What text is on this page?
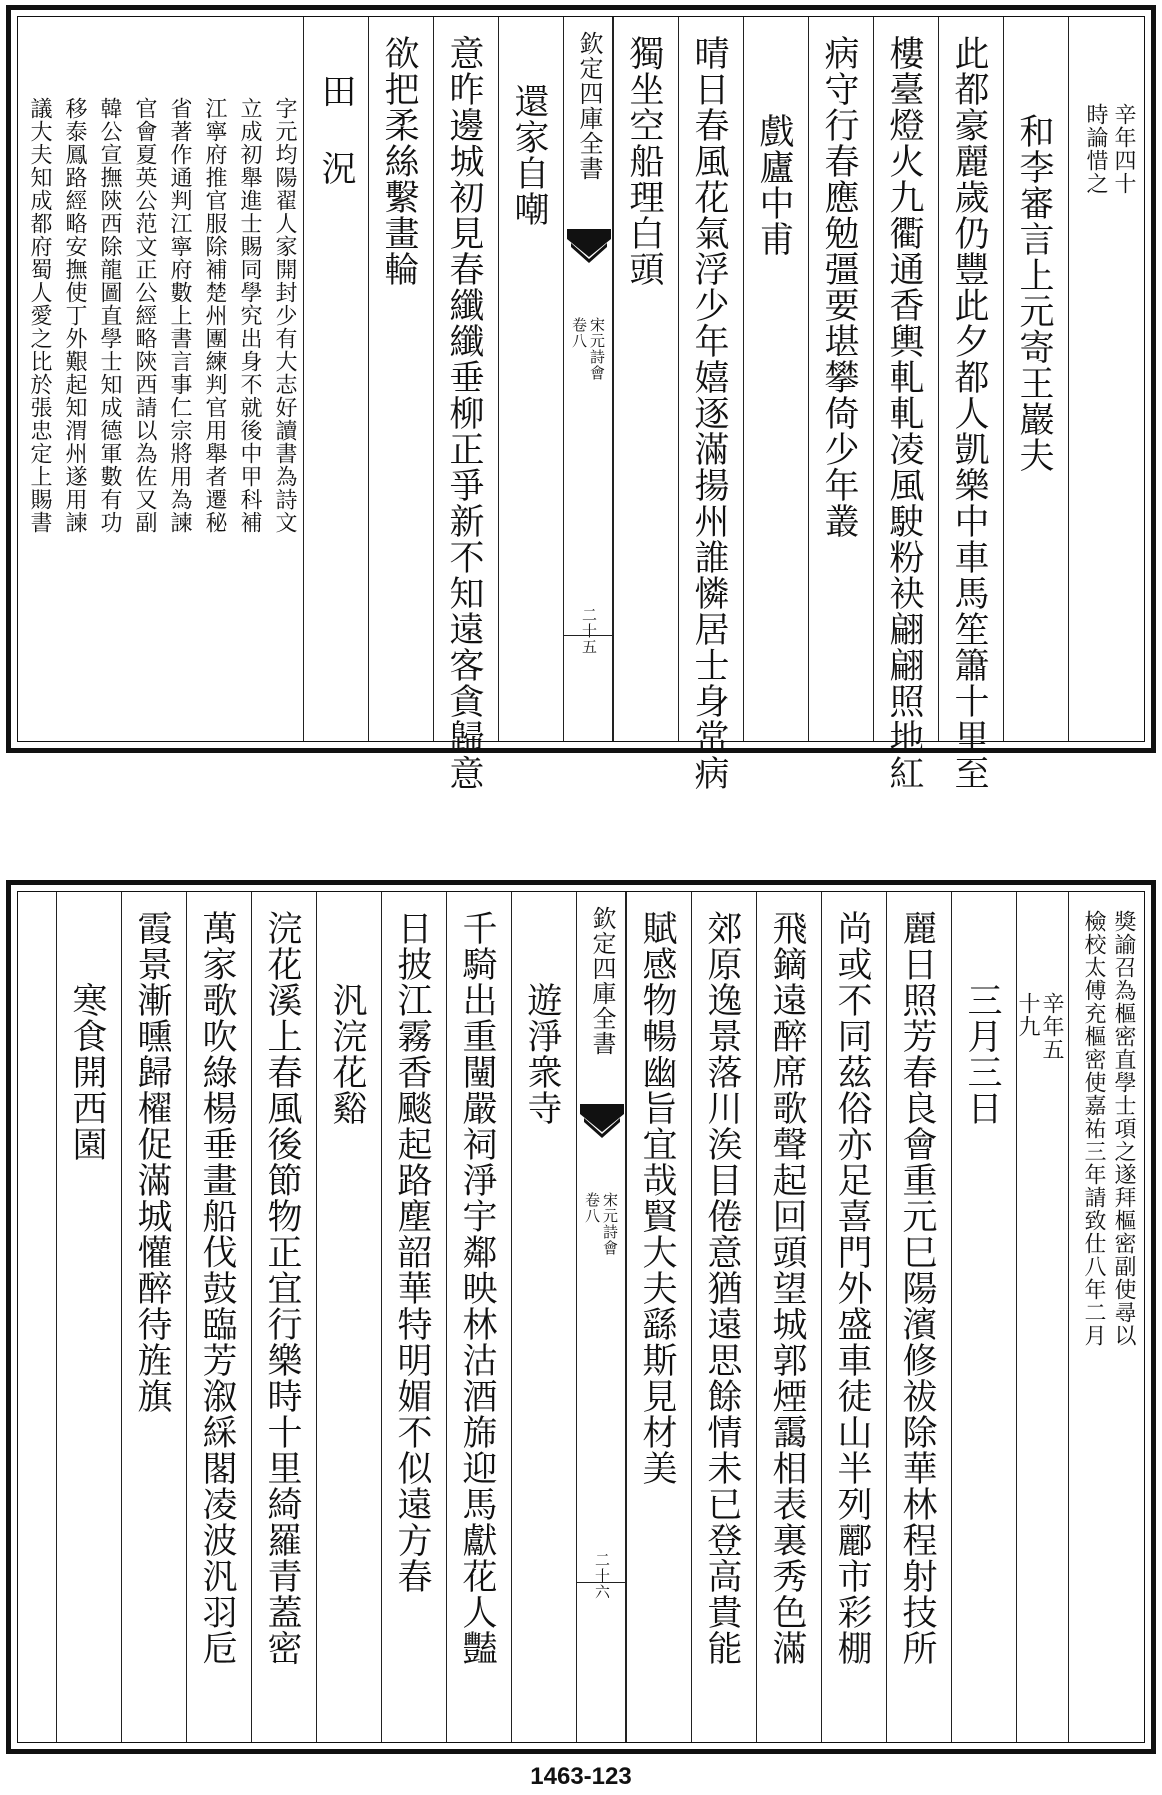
辛年四十
時論惜之
和李審言上元寄王巖夫
此都豪麗歲仍豐此夕都人凱樂中車馬笙簫十里至
樓臺燈火九衢通香輿軋軋凌風駛粉袂翩翩照地紅
病守行春應勉彊要堪攀倚少年叢
戲廬中甫
晴日春風花氣浮少年嬉逐滿揚州誰憐居士身常病
獨坐空船理白頭
欽定四庫全書
宋元詩會
卷八
二十五
還家自嘲
意昨邊城初見春纖纖垂柳正爭新不知遠客貪歸意
欲把柔絲繫畫輪
田 況
字元均陽翟人家開封少有大志好讀書為詩文
立成初舉進士賜同學究出身不就後中甲科補
江寧府推官服除補楚州團練判官用舉者遷秘
省著作通判江寧府數上書言事仁宗將用為諫
官會夏英公范文正公經略陝西請以為佐又副
韓公宣撫陝西除龍圖直學士知成德軍數有功
移泰鳳路經略安撫使丁外艱起知渭州遂用諫
議大夫知成都府蜀人愛之比於張忠定上賜書
獎諭召為樞密直學士項之遂拜樞密副使尋以
檢校太傅充樞密使嘉祐三年請致仕八年二月
辛年五
十九
三月三日
麗日照芳春良會重元巳陽濱修祓除華林程射技所
尚或不同茲俗亦足喜門外盛車徒山半列酈市彩棚
飛鏑遠醉席歌聲起回頭望城郭煙靄相表裏秀色滿
郊原逸景落川涘目倦意猶遠思餘情未已登高貴能
賦感物暢幽旨宜哉賢大夫繇斯見材美
欽定四庫全書
宋元詩會
卷八
二十六
遊淨衆寺
千騎出重闉嚴祠淨宇鄰映林沽酒旆迎馬獻花人豔
日披江霧香颷起路塵韶華特明媚不似遠方春
汎浣花谿
浣花溪上春風後節物正宜行樂時十里綺羅青蓋密
萬家歌吹綠楊垂畫船伐鼓臨芳溆綵閣凌波汎羽卮
霞景漸曛歸櫂促滿城懽醉待旌旗
寒食開西園
1463-123
